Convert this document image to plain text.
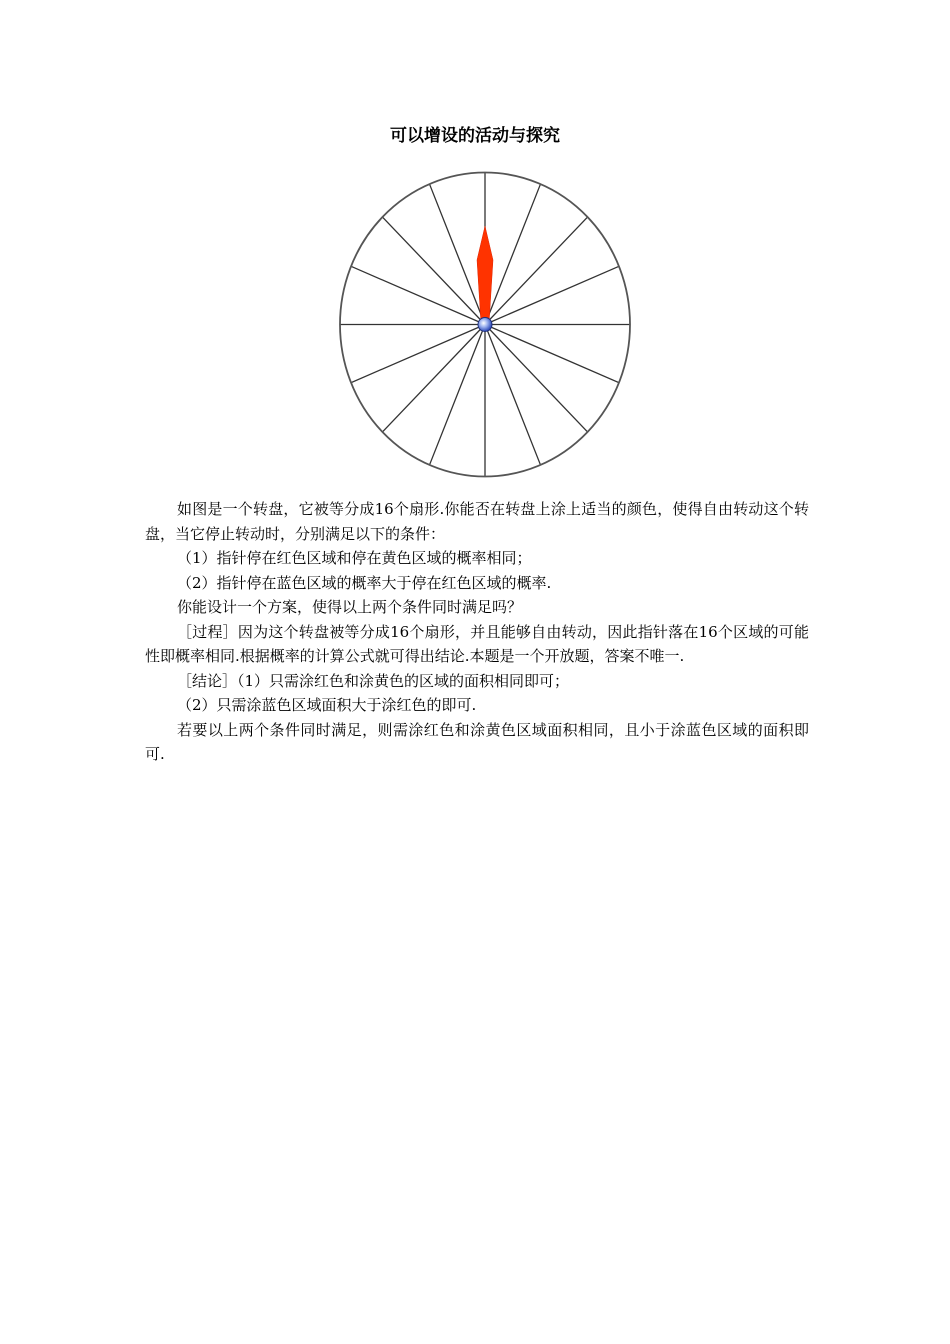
可以增设的活动与探究

如图是一个转盘，它被等分成16个扇形.你能否在转盘上涂上适当的颜色，使得自由转动这个转盘，当它停止转动时，分别满足以下的条件：

（1）指针停在红色区域和停在黄色区域的概率相同；

（2）指针停在蓝色区域的概率大于停在红色区域的概率.

你能设计一个方案，使得以上两个条件同时满足吗？

［过程］因为这个转盘被等分成16个扇形，并且能够自由转动，因此指针落在16个区域的可能性即概率相同.根据概率的计算公式就可得出结论.本题是一个开放题，答案不唯一.

［结论］（1）只需涂红色和涂黄色的区域的面积相同即可；

（2）只需涂蓝色区域面积大于涂红色的即可.

若要以上两个条件同时满足，则需涂红色和涂黄色区域面积相同，且小于涂蓝色区域的面积即可.
